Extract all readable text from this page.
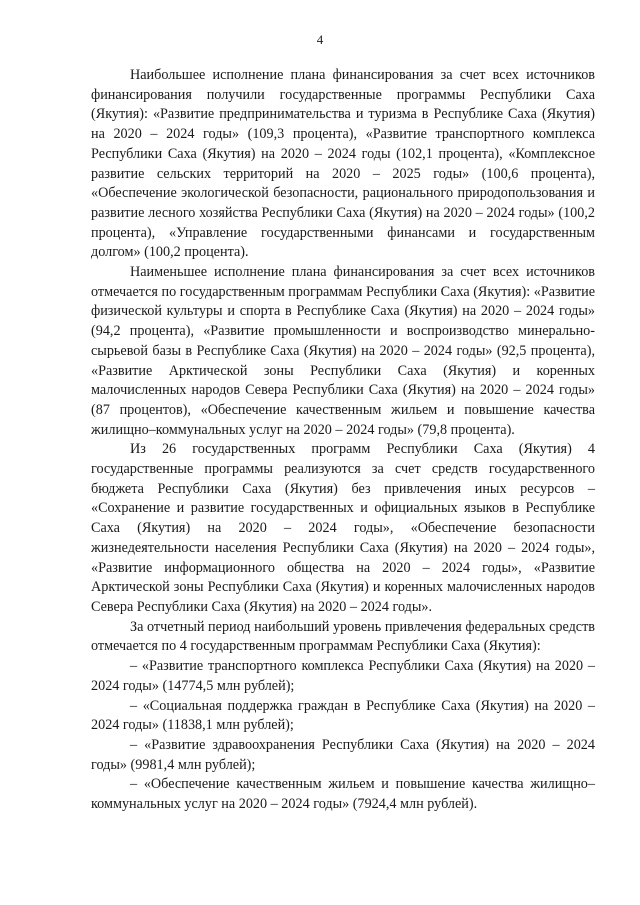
4

Наибольшее исполнение плана финансирования за счет всех источников финансирования получили государственные программы Республики Саха (Якутия): «Развитие предпринимательства и туризма в Республике Саха (Якутия) на 2020 – 2024 годы» (109,3 процента), «Развитие транспортного комплекса Республики Саха (Якутия) на 2020 – 2024 годы (102,1 процента), «Комплексное развитие сельских территорий на 2020 – 2025 годы» (100,6 процента), «Обеспечение экологической безопасности, рационального природопользования и развитие лесного хозяйства Республики Саха (Якутия) на 2020 – 2024 годы» (100,2 процента), «Управление государственными финансами и государственным долгом» (100,2 процента).

Наименьшее исполнение плана финансирования за счет всех источников отмечается по государственным программам Республики Саха (Якутия): «Развитие физической культуры и спорта в Республике Саха (Якутия) на 2020 – 2024 годы» (94,2 процента), «Развитие промышленности и воспроизводство минерально-сырьевой базы в Республике Саха (Якутия) на 2020 – 2024 годы» (92,5 процента), «Развитие Арктической зоны Республики Саха (Якутия) и коренных малочисленных народов Севера Республики Саха (Якутия) на 2020 – 2024 годы» (87 процентов), «Обеспечение качественным жильем и повышение качества жилищно–коммунальных услуг на 2020 – 2024 годы» (79,8 процента).

Из 26 государственных программ Республики Саха (Якутия) 4 государственные программы реализуются за счет средств государственного бюджета Республики Саха (Якутия) без привлечения иных ресурсов – «Сохранение и развитие государственных и официальных языков в Республике Саха (Якутия) на 2020 – 2024 годы», «Обеспечение безопасности жизнедеятельности населения Республики Саха (Якутия) на 2020 – 2024 годы», «Развитие информационного общества на 2020 – 2024 годы», «Развитие Арктической зоны Республики Саха (Якутия) и коренных малочисленных народов Севера Республики Саха (Якутия) на 2020 – 2024 годы».

За отчетный период наибольший уровень привлечения федеральных средств отмечается по 4 государственным программам Республики Саха (Якутия):

– «Развитие транспортного комплекса Республики Саха (Якутия) на 2020 – 2024 годы» (14774,5 млн рублей);

– «Социальная поддержка граждан в Республике Саха (Якутия) на 2020 – 2024 годы» (11838,1 млн рублей);

– «Развитие здравоохранения Республики Саха (Якутия) на 2020 – 2024 годы» (9981,4 млн рублей);

– «Обеспечение качественным жильем и повышение качества жилищно–коммунальных услуг на 2020 – 2024 годы» (7924,4 млн рублей).
